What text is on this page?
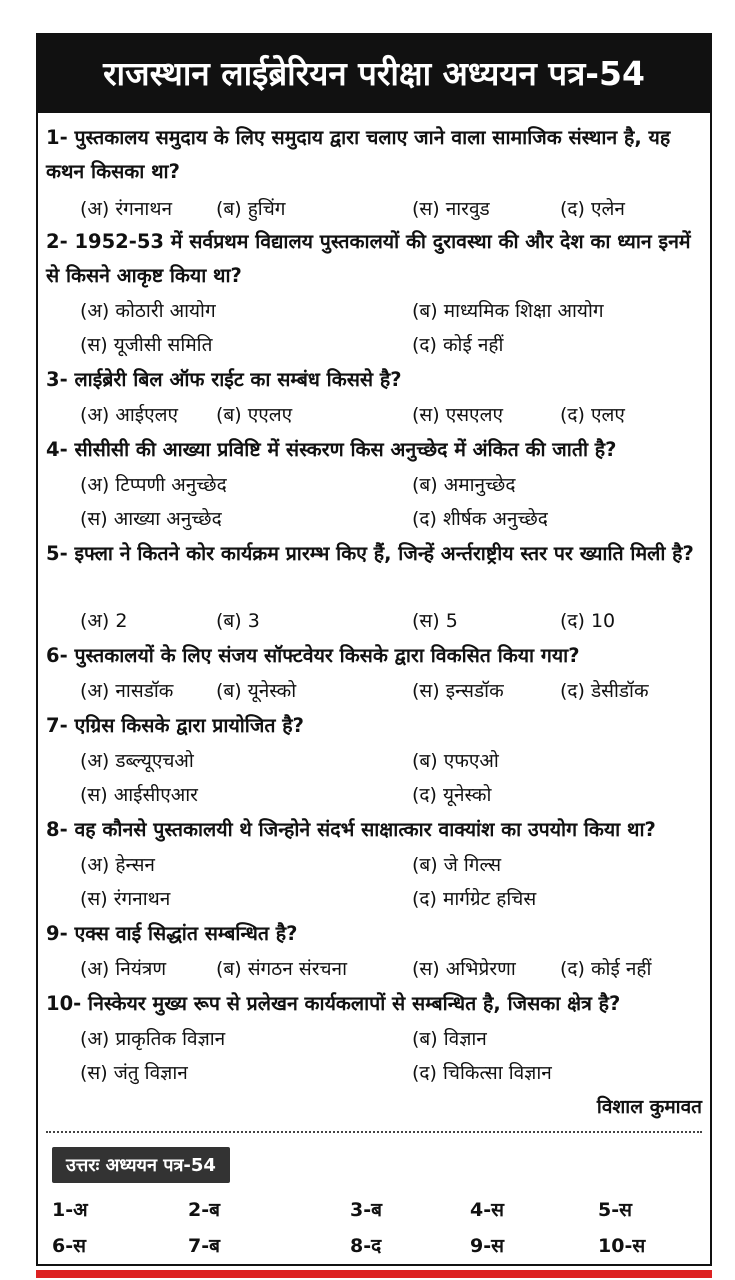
राजस्थान लाईब्रेरियन परीक्षा अध्ययन पत्र-54
1- पुस्तकालय समुदाय के लिए समुदाय द्वारा चलाए जाने वाला सामाजिक संस्थान है, यह कथन किसका था?
(अ) रंगनाथन (ब) हुचिंग	(स) नारवुड	(द) एलेन
2- 1952-53 में सर्वप्रथम विद्यालय पुस्तकालयों की दुरावस्था की और देश का ध्यान इनमें से किसने आकृष्ट किया था?
(अ) कोठारी आयोग	(ब) माध्यमिक शिक्षा आयोग
(स) यूजीसी समिति	(द) कोई नहीं
3- लाईब्रेरी बिल ऑफ राईट का सम्बंध किससे है?
(अ) आईएलए (ब) एएलए	(स) एसएलए	(द) एलए
4- सीसीसी की आख्या प्रविष्टि में संस्करण किस अनुच्छेद में अंकित की जाती है?
(अ) टिप्पणी अनुच्छेद	(ब) अमानुच्छेद
(स) आख्या अनुच्छेद	(द) शीर्षक अनुच्छेद
5- इफ्ला ने कितने कोर कार्यक्रम प्रारम्भ किए हैं, जिन्हें अर्न्तराष्ट्रीय स्तर पर ख्याति मिली है?
(अ) 2	(ब) 3	(स) 5	(द) 10
6- पुस्तकालयों के लिए संजय सॉफ्टवेयर किसके द्वारा विकसित किया गया?
(अ) नासडॉक (ब) यूनेस्को	(स) इन्सडॉक	(द) डेसीडॉक
7- एग्रिस किसके द्वारा प्रायोजित है?
(अ) डब्ल्यूएचओ	(ब) एफएओ
(स) आईसीएआर	(द) यूनेस्को
8- वह कौनसे पुस्तकालयी थे जिन्होने संदर्भ साक्षात्कार वाक्यांश का उपयोग किया था?
(अ) हेन्सन	(ब) जे गिल्स
(स) रंगनाथन	(द) मार्गग्रेट हचिस
9- एक्स वाई सिद्धांत सम्बन्धित है?
(अ) नियंत्रण	(ब) संगठन संरचना	(स) अभिप्रेरणा (द) कोई नहीं
10- निस्केयर मुख्य रूप से प्रलेखन कार्यकलापों से सम्बन्धित है, जिसका क्षेत्र है?
(अ) प्राकृतिक विज्ञान	(ब) विज्ञान
(स) जंतु विज्ञान	(द) चिकित्सा विज्ञान
विशाल कुमावत
उत्तरः अध्ययन पत्र-54
1-अ	2-ब	3-ब	4-स	5-स
6-स	7-ब	8-द	9-स	10-स
